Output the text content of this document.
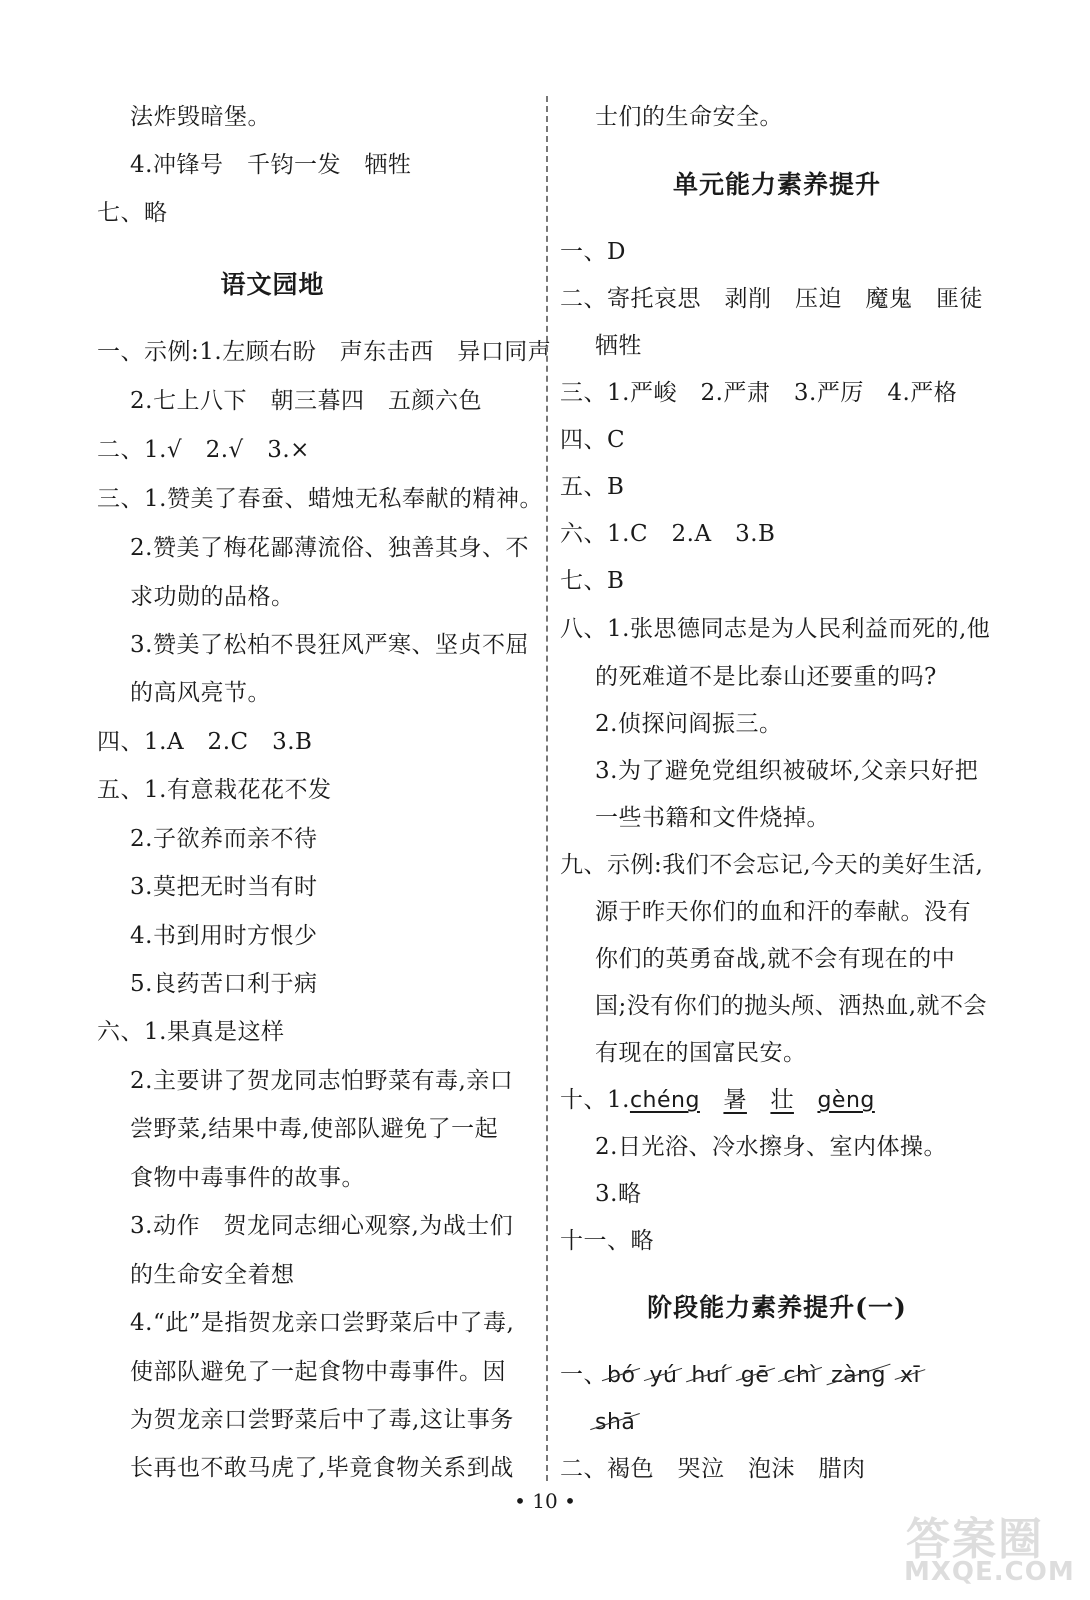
法炸毁暗堡。
4.冲锋号　千钧一发　牺牲
七、略
语文园地
一、示例:1.左顾右盼　声东击西　异口同声
2.七上八下　朝三暮四　五颜六色
二、1.√　2.√　3.×
三、1.赞美了春蚕、蜡烛无私奉献的精神。
2.赞美了梅花鄙薄流俗、独善其身、不
求功勋的品格。
3.赞美了松柏不畏狂风严寒、坚贞不屈
的高风亮节。
四、1.A　2.C　3.B
五、1.有意栽花花不发
2.子欲养而亲不待
3.莫把无时当有时
4.书到用时方恨少
5.良药苦口利于病
六、1.果真是这样
2.主要讲了贺龙同志怕野菜有毒,亲口
尝野菜,结果中毒,使部队避免了一起
食物中毒事件的故事。
3.动作　贺龙同志细心观察,为战士们
的生命安全着想
4.“此”是指贺龙亲口尝野菜后中了毒,
使部队避免了一起食物中毒事件。因
为贺龙亲口尝野菜后中了毒,这让事务
长再也不敢马虎了,毕竟食物关系到战
士们的生命安全。
单元能力素养提升
一、D
二、寄托哀思　剥削　压迫　魔鬼　匪徒
牺牲
三、1.严峻　2.严肃　3.严厉　4.严格
四、C
五、B
六、1.C　2.A　3.B
七、B
八、1.张思德同志是为人民利益而死的,他
的死难道不是比泰山还要重的吗?
2.侦探问阎振三。
3.为了避免党组织被破坏,父亲只好把
一些书籍和文件烧掉。
九、示例:我们不会忘记,今天的美好生活,
源于昨天你们的血和汗的奉献。没有
你们的英勇奋战,就不会有现在的中
国;没有你们的抛头颅、洒热血,就不会
有现在的国富民安。
十、1.chéng　 暑　 壮　 gèng
2.日光浴、冷水擦身、室内体操。
3.略
十一、略
阶段能力素养提升(一)
一、bó yú huí gē chì zàng xī
shā
二、褐色　哭泣　泡沫　腊肉
• 10 •
答案圈
MXQE.COM
